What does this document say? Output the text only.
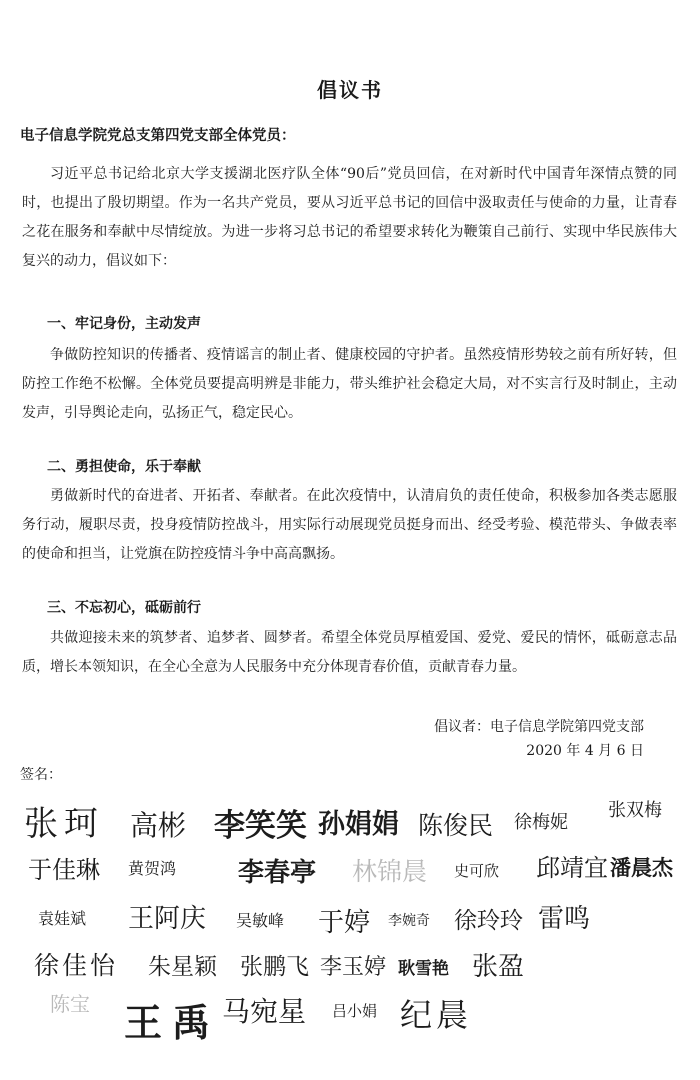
倡议书
电子信息学院党总支第四党支部全体党员：
习近平总书记给北京大学支援湖北医疗队全体“90后”党员回信，在对新时代中国青年深情点赞的同时，也提出了殷切期望。作为一名共产党员，要从习近平总书记的回信中汲取责任与使命的力量，让青春之花在服务和奉献中尽情绽放。为进一步将习总书记的希望要求转化为鞭策自己前行、实现中华民族伟大复兴的动力，倡议如下：
一、牢记身份，主动发声
争做防控知识的传播者、疫情谣言的制止者、健康校园的守护者。虽然疫情形势较之前有所好转，但防控工作绝不松懈。全体党员要提高明辨是非能力，带头维护社会稳定大局，对不实言行及时制止，主动发声，引导舆论走向，弘扬正气，稳定民心。
二、勇担使命，乐于奉献
勇做新时代的奋进者、开拓者、奉献者。在此次疫情中，认清肩负的责任使命，积极参加各类志愿服务行动，履职尽责，投身疫情防控战斗，用实际行动展现党员挺身而出、经受考验、模范带头、争做表率的使命和担当，让党旗在防控疫情斗争中高高飘扬。
三、不忘初心，砥砺前行
共做迎接未来的筑梦者、追梦者、圆梦者。希望全体党员厚植爱国、爱党、爱民的情怀，砥砺意志品质，增长本领知识，在全心全意为人民服务中充分体现青春价值，贡献青春力量。
倡议者：电子信息学院第四党支部
2020 年 4 月 6 日
签名：
张珂 高彬 李笑笑 孙娟娟 陈俊民 徐梅妮
张双梅
于佳琳 黄贺鸿 李春亭 林锦晨 史可欣 邱靖宜 潘晨杰
袁娃斌 王阿庆 吴敏峰 于婷 李婉奇 徐玲玲 雷鸣
徐佳怡 朱星颖 张鹏飞 李玉婷 耿雪艳 张盈
陈宝 王禹 马宛星 吕小娟 纪晨
